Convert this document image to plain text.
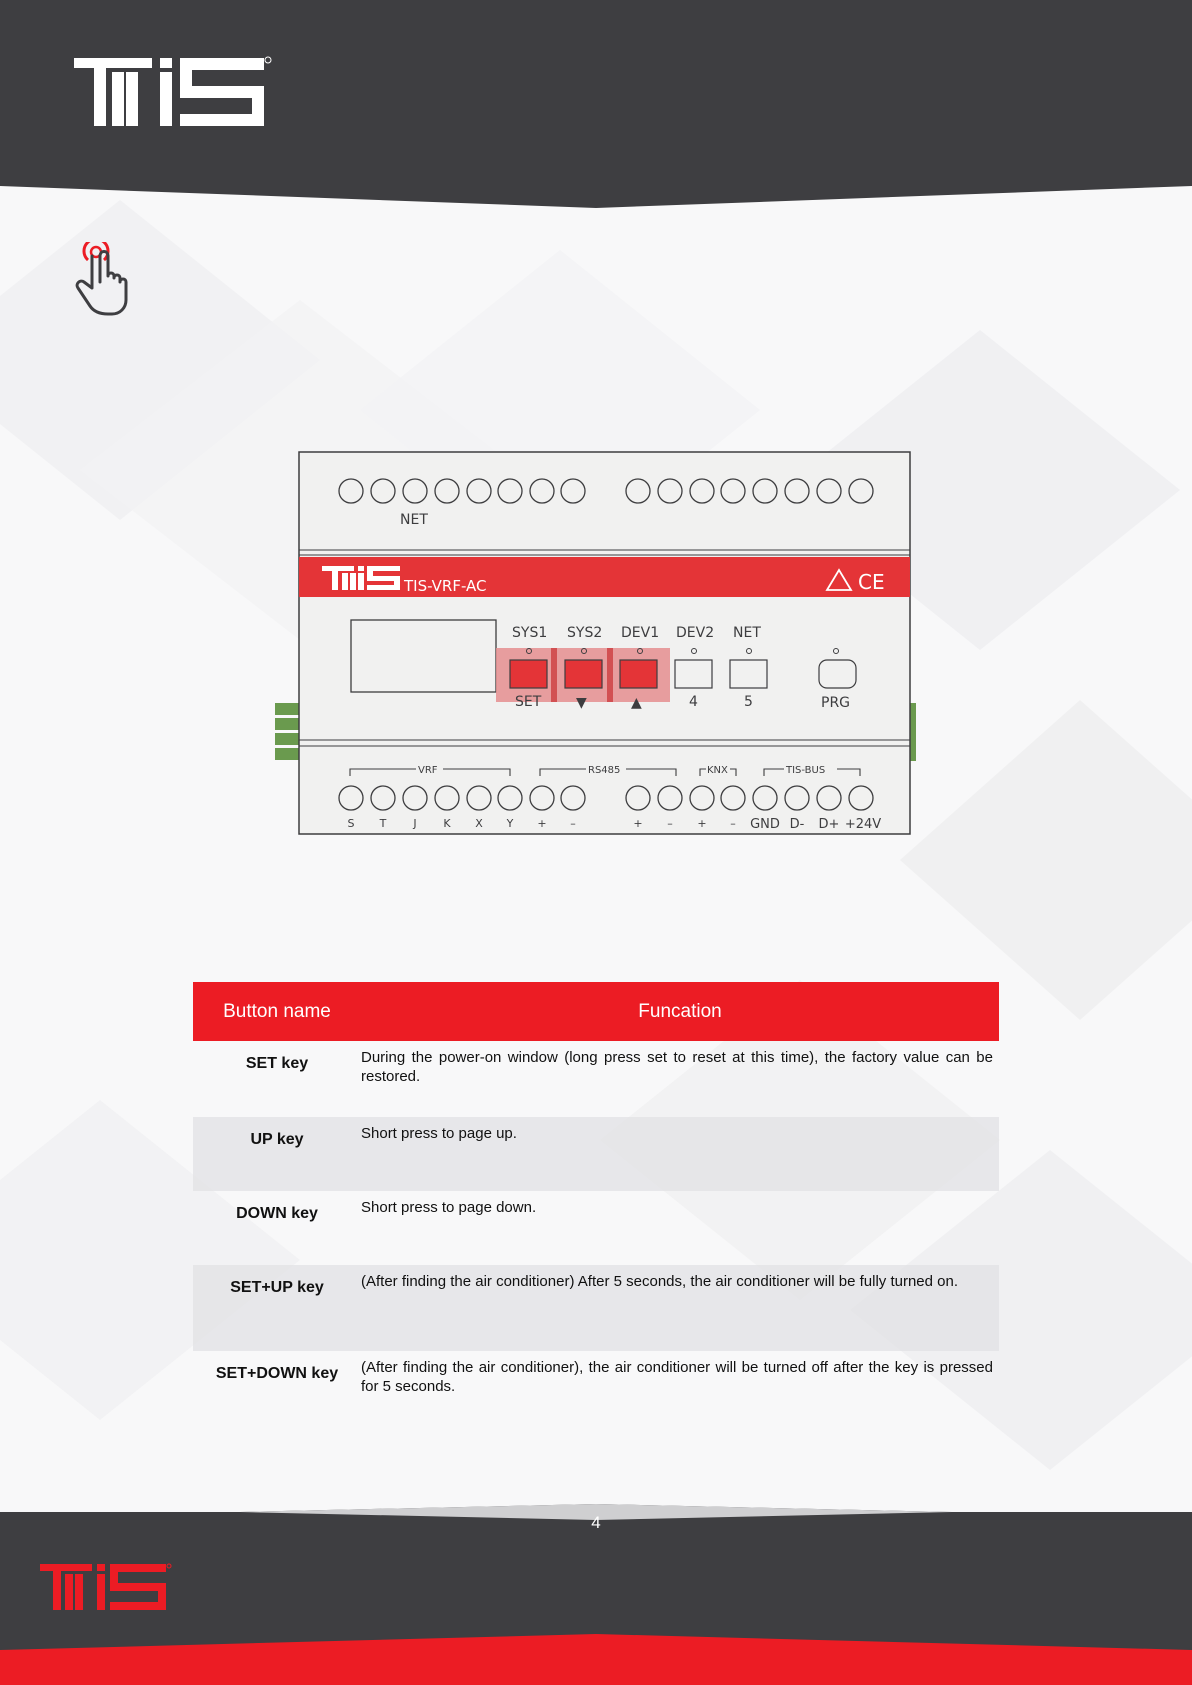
NET
TIS-VRF-AC	CE
SYS1 SYS2 DEV1 DEV2 NET
SET ▼	▲	4	5	PRG
VRF	RS485	KNX	TIS-BUS
S T J K X Y + –	+ – + – GND D- D+ +24V
Button name	Funcation
SET key	During the power-on window (long press set to reset at this time), the factory value can be restored.
UP key	Short press to page up.
DOWN key	Short press to page down.
SET+UP key	(After finding the air conditioner) After 5 seconds, the air conditioner will be fully turned on.
SET+DOWN key	(After finding the air conditioner), the air conditioner will be turned off after the key is pressed for 5 seconds.
4
